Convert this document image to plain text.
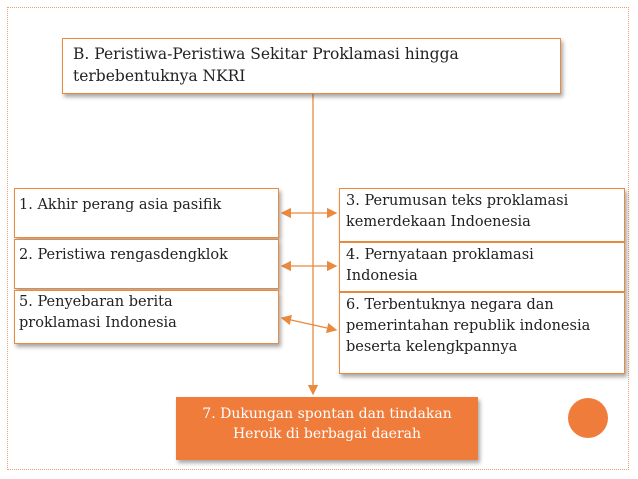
B. Peristiwa-Peristiwa Sekitar Proklamasi hingga
terbebentuknya NKRI
1. Akhir perang asia pasifik
2. Peristiwa rengasdengklok
5. Penyebaran berita
proklamasi Indonesia
3. Perumusan teks proklamasi
kemerdekaan Indoenesia
4. Pernyataan proklamasi
Indonesia
6. Terbentuknya negara dan
pemerintahan republik indonesia
beserta kelengkpannya
7. Dukungan spontan dan tindakan
Heroik di berbagai daerah
